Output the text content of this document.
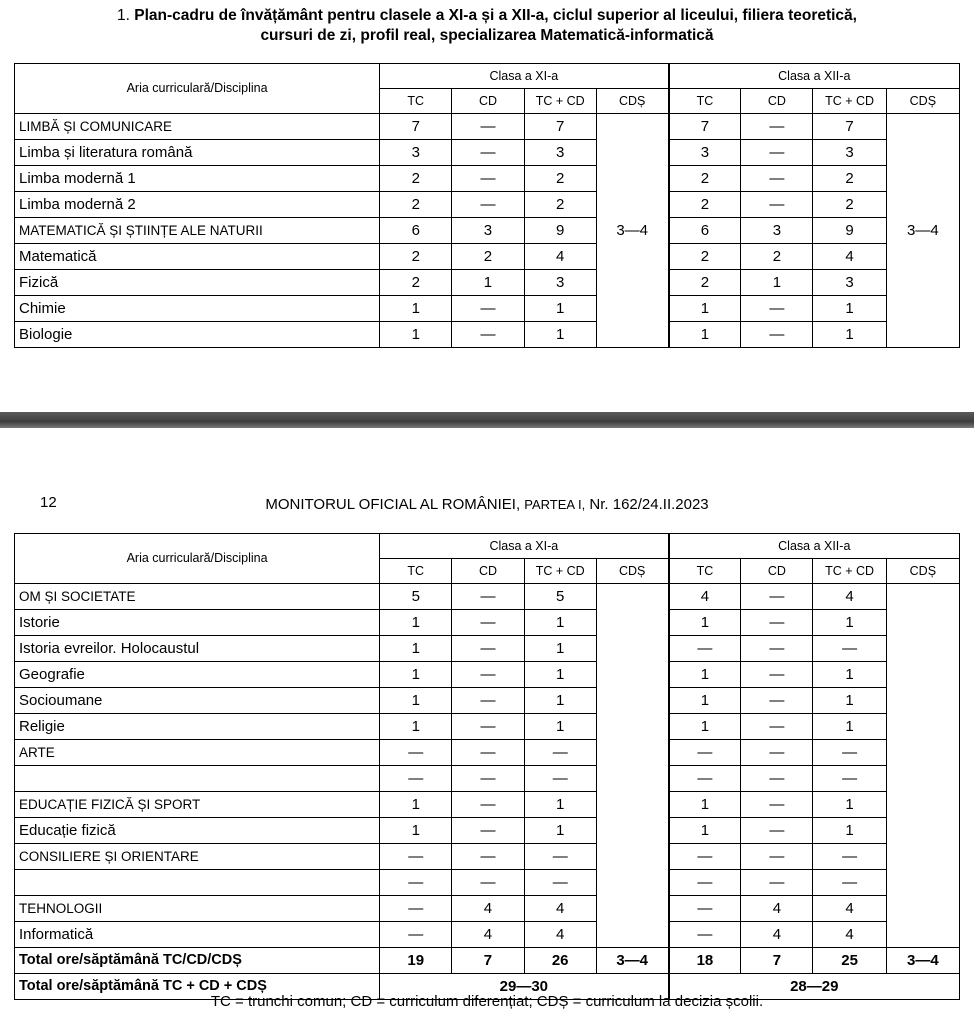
1. Plan-cadru de învățământ pentru clasele a XI-a și a XII-a, ciclul superior al liceului, filiera teoretică,
cursuri de zi, profil real, specializarea Matematică-informatică
Aria curriculară/Disciplina	Clasa a XI-a				Clasa a XII-a			
	TC	CD	TC + CD	CDȘ	TC	CD	TC + CD	CDȘ
LIMBĂ ȘI COMUNICARE	7	—	7	3—4	7	—	7	3—4
Limba și literatura română	3	—	3		3	—	3	
Limba modernă 1	2	—	2		2	—	2	
Limba modernă 2	2	—	2		2	—	2	
MATEMATICĂ ȘI ȘTIINȚE ALE NATURII	6	3	9		6	3	9	
Matematică	2	2	4		2	2	4	
Fizică	2	1	3		2	1	3	
Chimie	1	—	1		1	—	1	
Biologie	1	—	1		1	—	1	
12	MONITORUL OFICIAL AL ROMÂNIEI, PARTEA I, Nr. 162/24.II.2023
Aria curriculară/Disciplina	Clasa a XI-a				Clasa a XII-a			
	TC	CD	TC + CD	CDȘ	TC	CD	TC + CD	CDȘ
OM ȘI SOCIETATE	5	—	5		4	—	4	
Istorie	1	—	1		1	—	1	
Istoria evreilor. Holocaustul	1	—	1		—	—	—	
Geografie	1	—	1		1	—	1	
Socioumane	1	—	1		1	—	1	
Religie	1	—	1		1	—	1	
ARTE	—	—	—		—	—	—	
	—	—	—		—	—	—	
EDUCAȚIE FIZICĂ ȘI SPORT	1	—	1		1	—	1	
Educație fizică	1	—	1		1	—	1	
CONSILIERE ȘI ORIENTARE	—	—	—		—	—	—	
	—	—	—		—	—	—	
TEHNOLOGII	—	4	4		—	4	4	
Informatică	—	4	4		—	4	4	
Total ore/săptămână TC/CD/CDȘ	19	7	26	3—4	18	7	25	3—4
Total ore/săptămână TC + CD + CDȘ	29—30				28—29			
TC = trunchi comun; CD = curriculum diferențiat; CDȘ = curriculum la decizia școlii.
